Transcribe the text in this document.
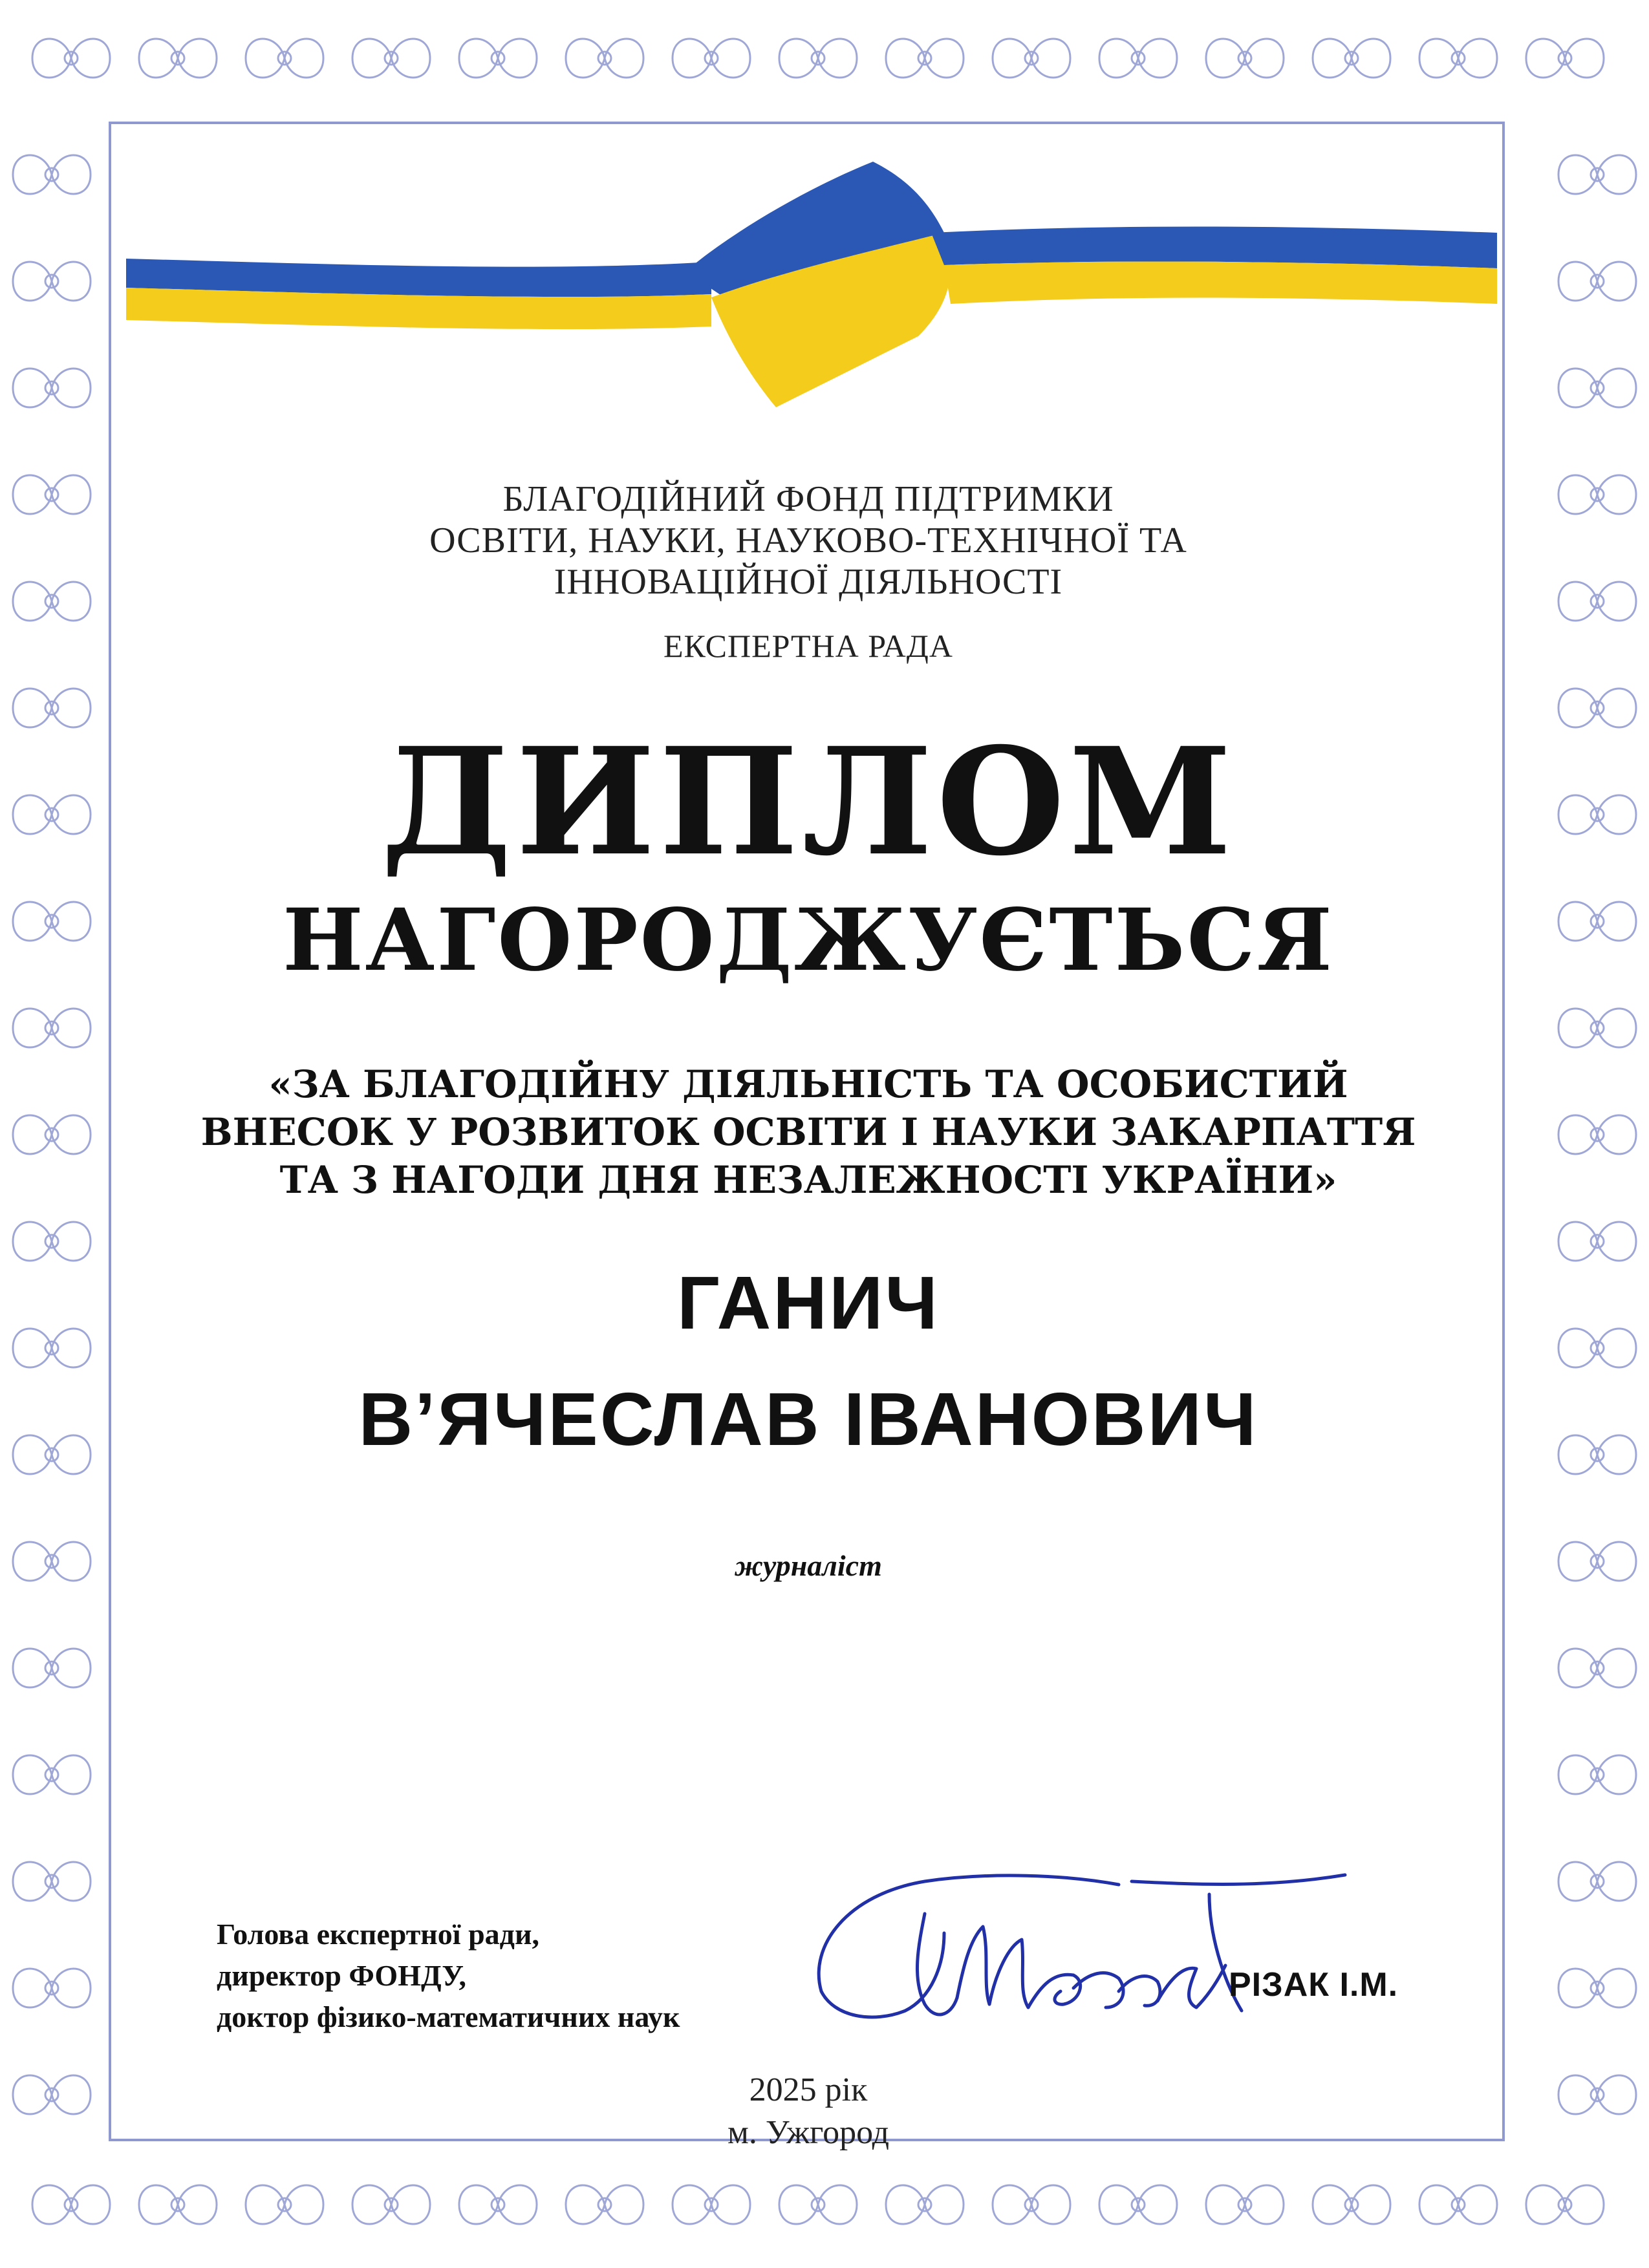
БЛАГОДІЙНИЙ ФОНД ПІДТРИМКИ
ОСВІТИ, НАУКИ, НАУКОВО-ТЕХНІЧНОЇ ТА
ІННОВАЦІЙНОЇ ДІЯЛЬНОСТІ
ЕКСПЕРТНА РАДА
ДИПЛОМ
НАГОРОДЖУЄТЬСЯ
«ЗА БЛАГОДІЙНУ ДІЯЛЬНІСТЬ ТА ОСОБИСТИЙ
ВНЕСОК У РОЗВИТОК ОСВІТИ І НАУКИ ЗАКАРПАТТЯ
ТА З НАГОДИ ДНЯ НЕЗАЛЕЖНОСТІ УКРАЇНИ»
ГАНИЧ
В’ЯЧЕСЛАВ ІВАНОВИЧ
журналіст
Голова експертної ради,
директор ФОНДУ,
доктор фізико-математичних наук
РІЗАК І.М.
2025 рік
м. Ужгород
